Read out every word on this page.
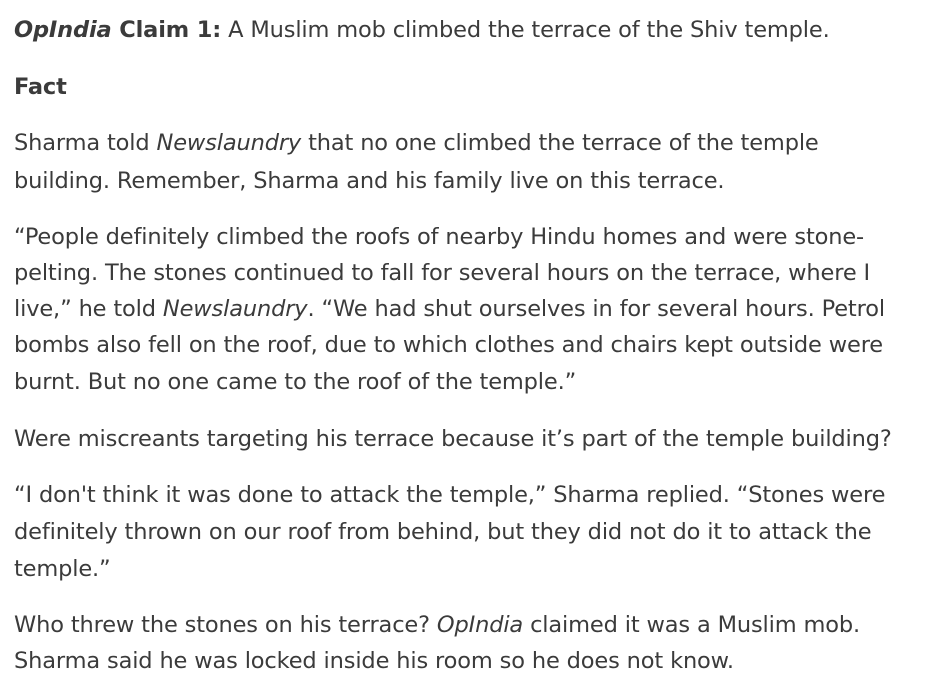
OpIndia Claim 1: A Muslim mob climbed the terrace of the Shiv temple.
Fact
Sharma told Newslaundry that no one climbed the terrace of the temple
building. Remember, Sharma and his family live on this terrace.
“People definitely climbed the roofs of nearby Hindu homes and were stone-
pelting. The stones continued to fall for several hours on the terrace, where I
live,” he told Newslaundry. “We had shut ourselves in for several hours. Petrol
bombs also fell on the roof, due to which clothes and chairs kept outside were
burnt. But no one came to the roof of the temple.”
Were miscreants targeting his terrace because it’s part of the temple building?
“I don't think it was done to attack the temple,” Sharma replied. “Stones were
definitely thrown on our roof from behind, but they did not do it to attack the
temple.”
Who threw the stones on his terrace? OpIndia claimed it was a Muslim mob.
Sharma said he was locked inside his room so he does not know.
